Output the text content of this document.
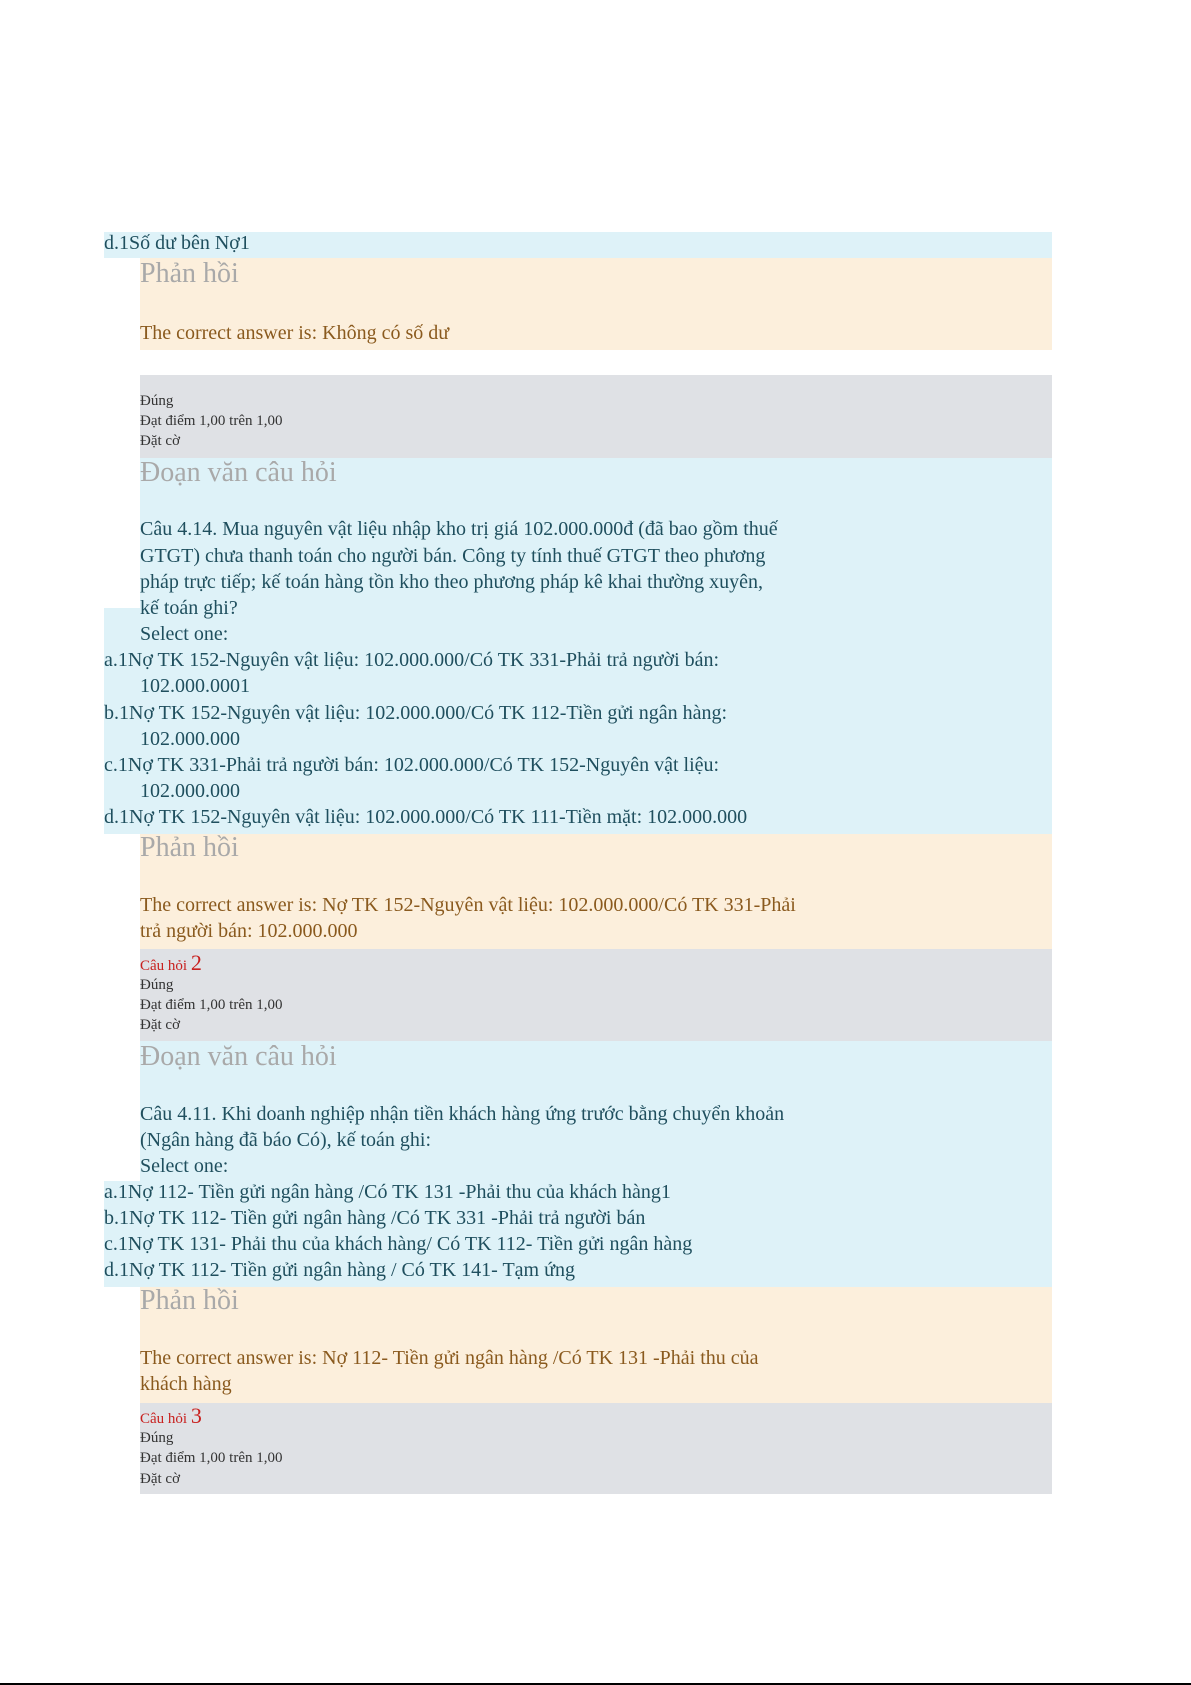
d.1Số dư bên Nợ1
Phản hồi
The correct answer is: Không có số dư
Đúng
Đạt điểm 1,00 trên 1,00
Đặt cờ
Đoạn văn câu hỏi
Câu 4.14. Mua nguyên vật liệu nhập kho trị giá 102.000.000đ (đã bao gồm thuế
GTGT) chưa thanh toán cho người bán. Công ty tính thuế GTGT theo phương
pháp trực tiếp; kế toán hàng tồn kho theo phương pháp kê khai thường xuyên,
kế toán ghi?
Select one:
a.1Nợ TK 152-Nguyên vật liệu: 102.000.000/Có TK 331-Phải trả người bán:
102.000.0001
b.1Nợ TK 152-Nguyên vật liệu: 102.000.000/Có TK 112-Tiền gửi ngân hàng:
102.000.000
c.1Nợ TK 331-Phải trả người bán: 102.000.000/Có TK 152-Nguyên vật liệu:
102.000.000
d.1Nợ TK 152-Nguyên vật liệu: 102.000.000/Có TK 111-Tiền mặt: 102.000.000
Phản hồi
The correct answer is: Nợ TK 152-Nguyên vật liệu: 102.000.000/Có TK 331-Phải
trả người bán: 102.000.000
Câu hỏi 2
Đúng
Đạt điểm 1,00 trên 1,00
Đặt cờ
Đoạn văn câu hỏi
Câu 4.11. Khi doanh nghiệp nhận tiền khách hàng ứng trước bằng chuyển khoản
(Ngân hàng đã báo Có), kế toán ghi:
Select one:
a.1Nợ 112- Tiền gửi ngân hàng /Có TK 131 -Phải thu của khách hàng1
b.1Nợ TK 112- Tiền gửi ngân hàng /Có TK 331 -Phải trả người bán
c.1Nợ TK 131- Phải thu của khách hàng/ Có TK 112- Tiền gửi ngân hàng
d.1Nợ TK 112- Tiền gửi ngân hàng / Có TK 141- Tạm ứng
Phản hồi
The correct answer is: Nợ 112- Tiền gửi ngân hàng /Có TK 131 -Phải thu của
khách hàng
Câu hỏi 3
Đúng
Đạt điểm 1,00 trên 1,00
Đặt cờ
